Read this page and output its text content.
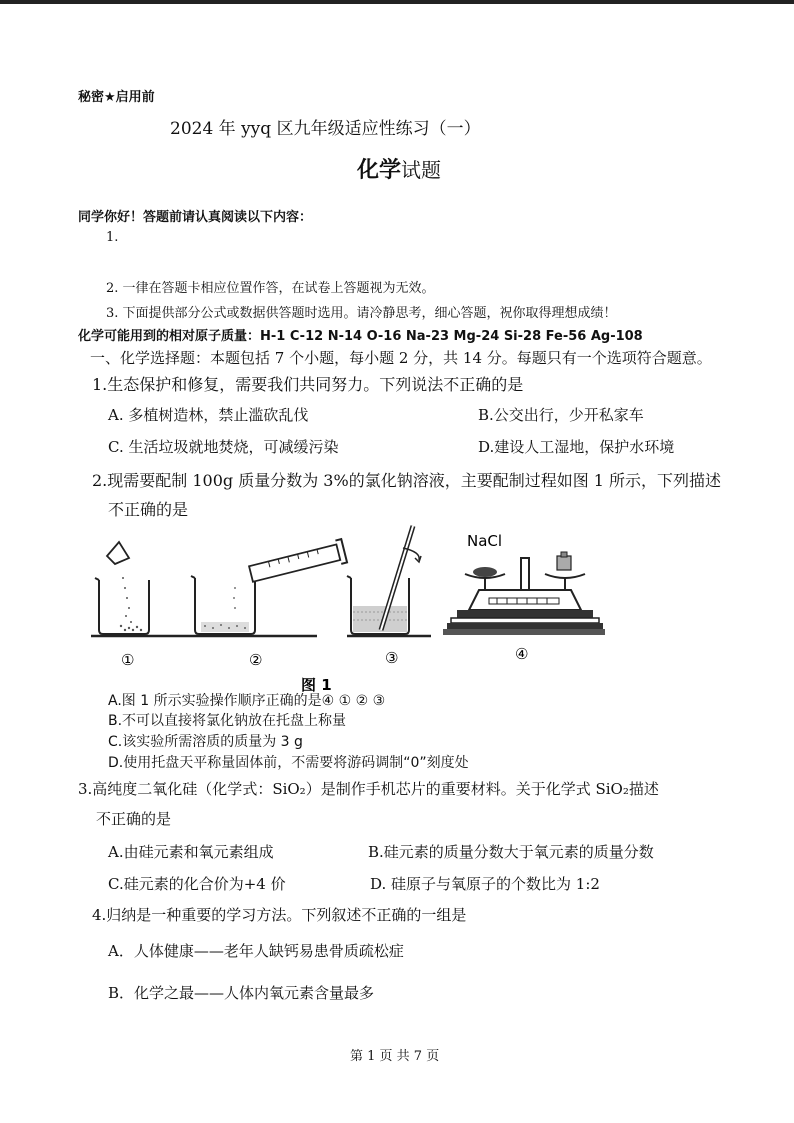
秘密★启用前
2024 年 yyq 区九年级适应性练习（一）
化学试题
同学你好！答题前请认真阅读以下内容：
1.
2. 一律在答题卡相应位置作答，在试卷上答题视为无效。
3. 下面提供部分公式或数据供答题时选用。请冷静思考，细心答题，祝你取得理想成绩！
化学可能用到的相对原子质量：H-1 C-12 N-14 O-16 Na-23 Mg-24 Si-28 Fe-56 Ag-108
一、化学选择题：本题包括 7 个小题，每小题 2 分，共 14 分。每题只有一个选项符合题意。
1.生态保护和修复，需要我们共同努力。下列说法不正确的是
A. 多植树造林，禁止滥砍乱伐	B.公交出行，少开私家车
C. 生活垃圾就地焚烧，可减缓污染	D.建设人工湿地，保护水环境
2.现需要配制 100g 质量分数为 3%的氯化钠溶液，主要配制过程如图 1 所示，下列描述
不正确的是
NaCl
①	②	③	④
图 1
A.图 1 所示实验操作顺序正确的是④ ① ② ③
B.不可以直接将氯化钠放在托盘上称量
C.该实验所需溶质的质量为 3 g
D.使用托盘天平称量固体前，不需要将游码调制“0”刻度处
3.高纯度二氧化硅（化学式：SiO₂）是制作手机芯片的重要材料。关于化学式 SiO₂描述
不正确的是
A.由硅元素和氧元素组成	B.硅元素的质量分数大于氧元素的质量分数
C.硅元素的化合价为+4 价	D. 硅原子与氧原子的个数比为 1:2
4.归纳是一种重要的学习方法。下列叙述不正确的一组是
A．人体健康——老年人缺钙易患骨质疏松症
B．化学之最——人体内氧元素含量最多
第 1 页 共 7 页
